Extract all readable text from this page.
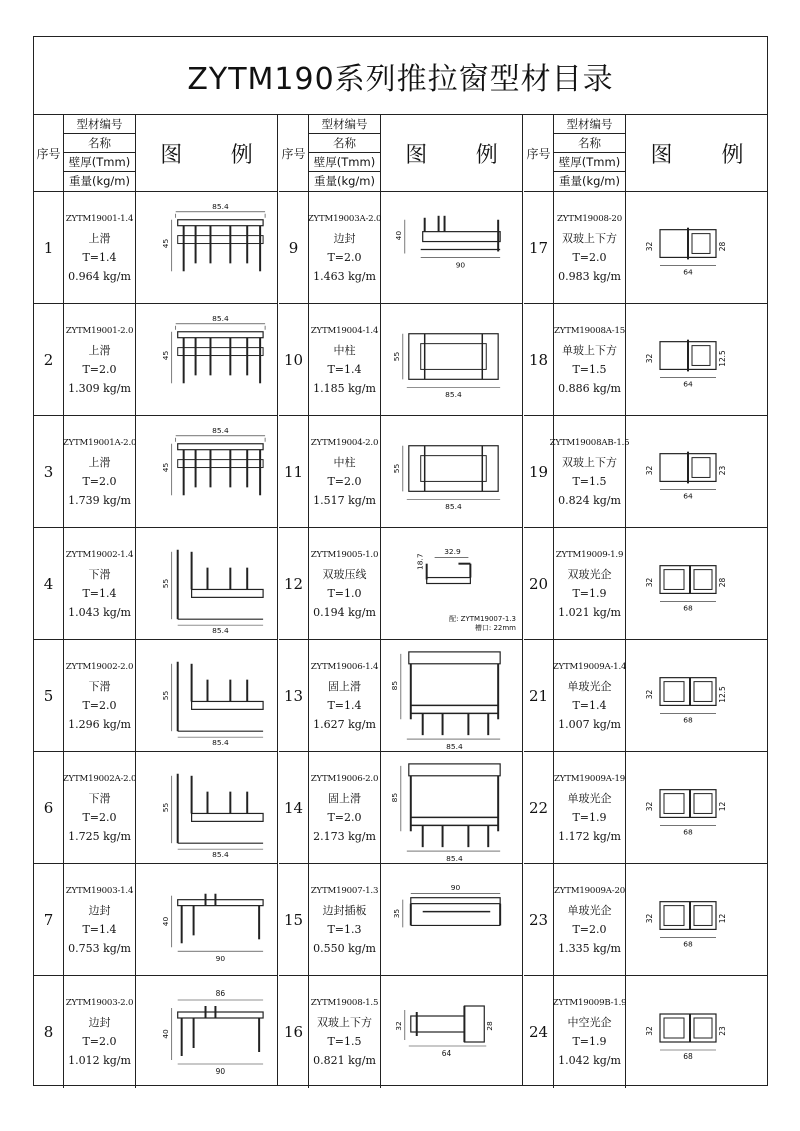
ZYTM190系列推拉窗型材目录
序号
型材编号
名称
壁厚(Tmm)
重量(kg/m)
图 例
1
ZYTM19001-1.4
上滑
T=1.4
0.964 kg/m
85.4
45
2
ZYTM19001-2.0
上滑
T=2.0
1.309 kg/m
85.4
45
3
ZYTM19001A-2.0
上滑
T=2.0
1.739 kg/m
85.4
45
4
ZYTM19002-1.4
下滑
T=1.4
1.043 kg/m
85.4
55
5
ZYTM19002-2.0
下滑
T=2.0
1.296 kg/m
85.4
55
6
ZYTM19002A-2.0
下滑
T=2.0
1.725 kg/m
85.4
55
7
ZYTM19003-1.4
边封
T=1.4
0.753 kg/m
90
40
8
ZYTM19003-2.0
边封
T=2.0
1.012 kg/m
86
90
40
序号
型材编号
名称
壁厚(Tmm)
重量(kg/m)
图 例
9
ZYTM19003A-2.0
边封
T=2.0
1.463 kg/m
90
40
10
ZYTM19004-1.4
中柱
T=1.4
1.185 kg/m
85.4
55
11
ZYTM19004-2.0
中柱
T=2.0
1.517 kg/m
85.4
55
12
ZYTM19005-1.0
双玻压线
T=1.0
0.194 kg/m
32.9
18.7
配: ZYTM19007-1.3
槽口: 22mm
13
ZYTM19006-1.4
固上滑
T=1.4
1.627 kg/m
85.4
85
14
ZYTM19006-2.0
固上滑
T=2.0
2.173 kg/m
85.4
85
15
ZYTM19007-1.3
边封插板
T=1.3
0.550 kg/m
90
35
16
ZYTM19008-1.5
双玻上下方
T=1.5
0.821 kg/m
64
32	28
序号
型材编号
名称
壁厚(Tmm)
重量(kg/m)
图 例
17
ZYTM19008-20
双玻上下方
T=2.0
0.983 kg/m	64
32	28
18
ZYTM19008A-15
单玻上下方
T=1.5
0.886 kg/m	64
32	12.5
19
ZYTM19008AB-1.5
双玻上下方
T=1.5
0.824 kg/m	64
32	23
20
ZYTM19009-1.9
双玻光企
T=1.9
1.021 kg/m	68
32	28
21
ZYTM19009A-1.4
单玻光企
T=1.4
1.007 kg/m	68
32	12.5
22
ZYTM19009A-19
单玻光企
T=1.9
1.172 kg/m	68
32	12
23
ZYTM19009A-20
单玻光企
T=2.0
1.335 kg/m	68
32	12
24
ZYTM19009B-1.9
中空光企
T=1.9
1.042 kg/m	68
32	23
